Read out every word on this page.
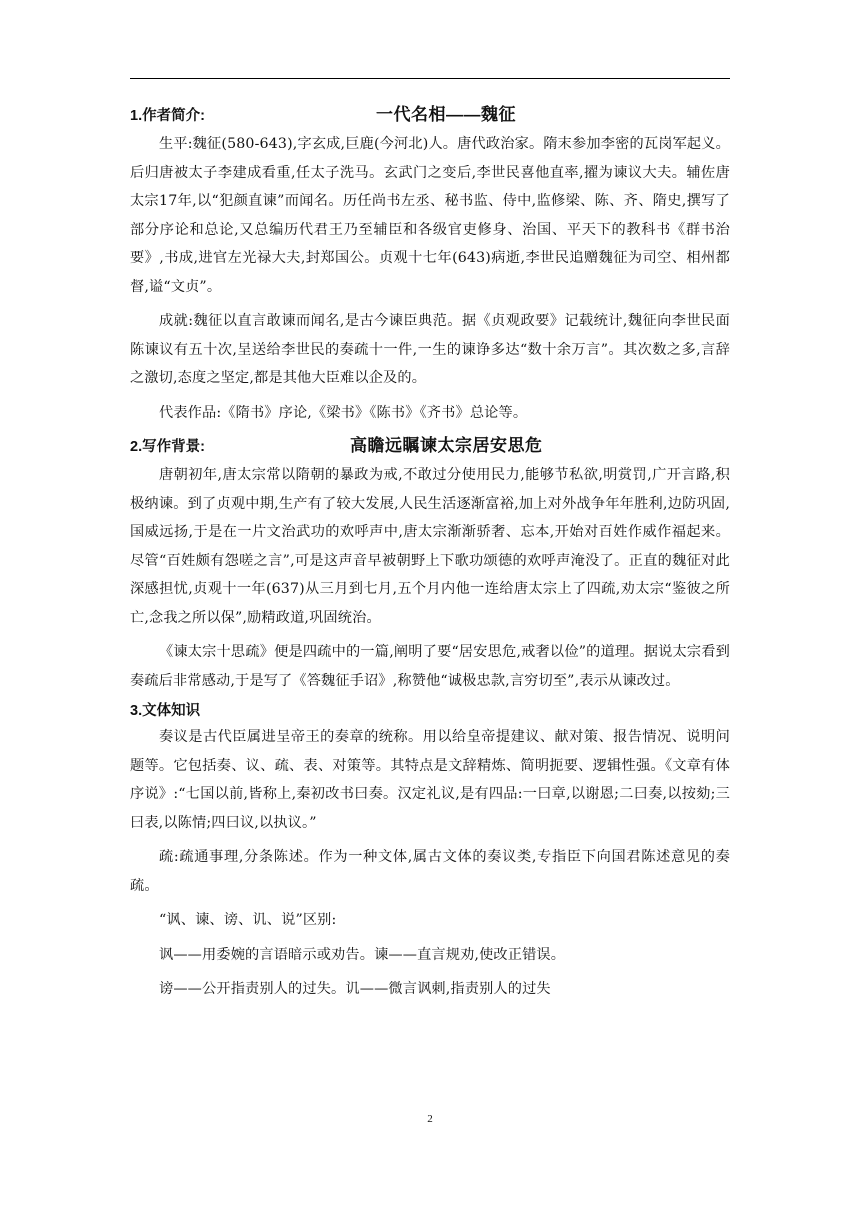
1.作者简介:	一代名相——魏征

生平:魏征(580-643),字玄成,巨鹿(今河北)人。唐代政治家。隋末参加李密的瓦岗军起义。后归唐被太子李建成看重,任太子洗马。玄武门之变后,李世民喜他直率,擢为谏议大夫。辅佐唐太宗17年,以“犯颜直谏”而闻名。历任尚书左丞、秘书监、侍中,监修梁、陈、齐、隋史,撰写了部分序论和总论,又总编历代君王乃至辅臣和各级官吏修身、治国、平天下的教科书《群书治要》,书成,进官左光禄大夫,封郑国公。贞观十七年(643)病逝,李世民追赠魏征为司空、相州都督,谥“文贞”。

成就:魏征以直言敢谏而闻名,是古今谏臣典范。据《贞观政要》记载统计,魏征向李世民面陈谏议有五十次,呈送给李世民的奏疏十一件,一生的谏诤多达“数十余万言”。其次数之多,言辞之激切,态度之坚定,都是其他大臣难以企及的。

代表作品:《隋书》序论,《梁书》《陈书》《齐书》总论等。

2.写作背景:	高瞻远瞩谏太宗居安思危

唐朝初年,唐太宗常以隋朝的暴政为戒,不敢过分使用民力,能够节私欲,明赏罚,广开言路,积极纳谏。到了贞观中期,生产有了较大发展,人民生活逐渐富裕,加上对外战争年年胜利,边防巩固,国威远扬,于是在一片文治武功的欢呼声中,唐太宗渐渐骄奢、忘本,开始对百姓作威作福起来。尽管“百姓颇有怨嗟之言”,可是这声音早被朝野上下歌功颂德的欢呼声淹没了。正直的魏征对此深感担忧,贞观十一年(637)从三月到七月,五个月内他一连给唐太宗上了四疏,劝太宗“鉴彼之所亡,念我之所以保”,励精政道,巩固统治。

《谏太宗十思疏》便是四疏中的一篇,阐明了要“居安思危,戒奢以俭”的道理。据说太宗看到奏疏后非常感动,于是写了《答魏征手诏》,称赞他“诚极忠款,言穷切至”,表示从谏改过。

3.文体知识

奏议是古代臣属进呈帝王的奏章的统称。用以给皇帝提建议、献对策、报告情况、说明问题等。它包括奏、议、疏、表、对策等。其特点是文辞精炼、简明扼要、逻辑性强。《文章有体序说》:“七国以前,皆称上,秦初改书曰奏。汉定礼议,是有四品:一曰章,以谢恩;二曰奏,以按劾;三曰表,以陈情;四曰议,以执议。”

疏:疏通事理,分条陈述。作为一种文体,属古文体的奏议类,专指臣下向国君陈述意见的奏疏。

“讽、谏、谤、讥、说”区别:

讽——用委婉的言语暗示或劝告。谏——直言规劝,使改正错误。

谤——公开指责别人的过失。讥——微言讽刺,指责别人的过失

2
